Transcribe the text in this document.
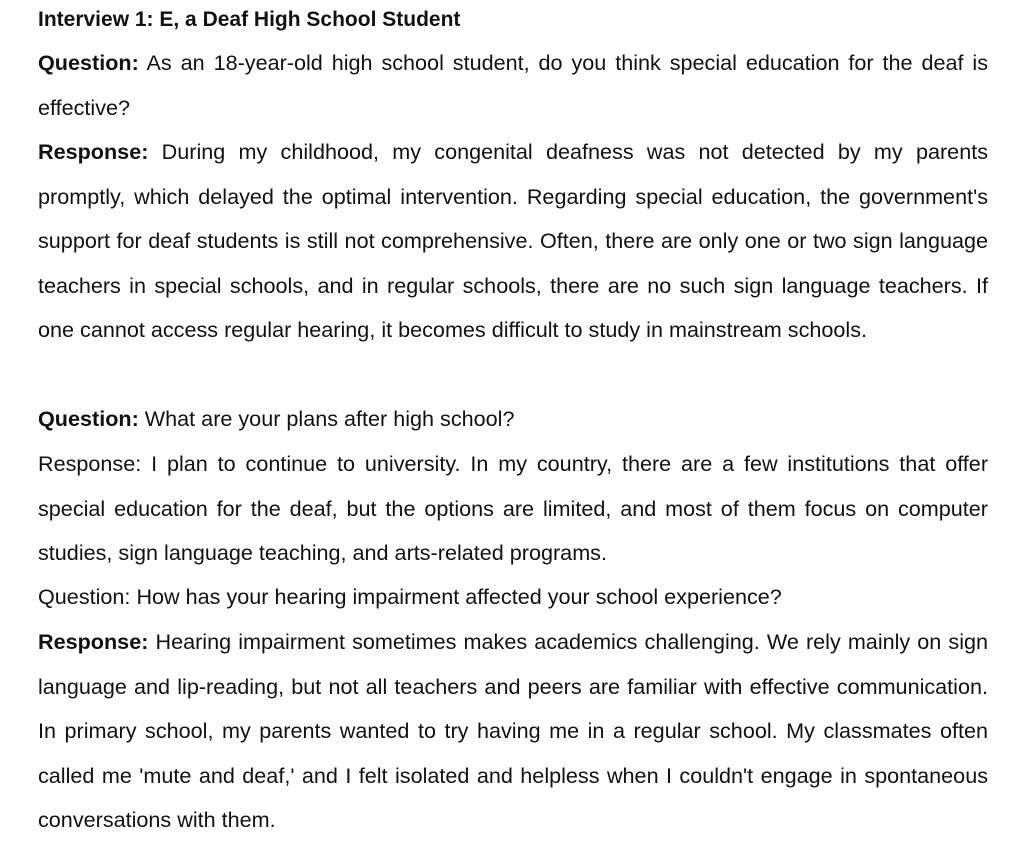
Interview 1: E, a Deaf High School Student

Question: As an 18-year-old high school student, do you think special education for the deaf is effective?

Response: During my childhood, my congenital deafness was not detected by my parents promptly, which delayed the optimal intervention. Regarding special education, the government's support for deaf students is still not comprehensive. Often, there are only one or two sign language teachers in special schools, and in regular schools, there are no such sign language teachers. If one cannot access regular hearing, it becomes difficult to study in mainstream schools.

Question: What are your plans after high school?

Response: I plan to continue to university. In my country, there are a few institutions that offer special education for the deaf, but the options are limited, and most of them focus on computer studies, sign language teaching, and arts-related programs.

Question: How has your hearing impairment affected your school experience?

Response: Hearing impairment sometimes makes academics challenging. We rely mainly on sign language and lip-reading, but not all teachers and peers are familiar with effective communication. In primary school, my parents wanted to try having me in a regular school. My classmates often called me 'mute and deaf,' and I felt isolated and helpless when I couldn't engage in spontaneous conversations with them.
